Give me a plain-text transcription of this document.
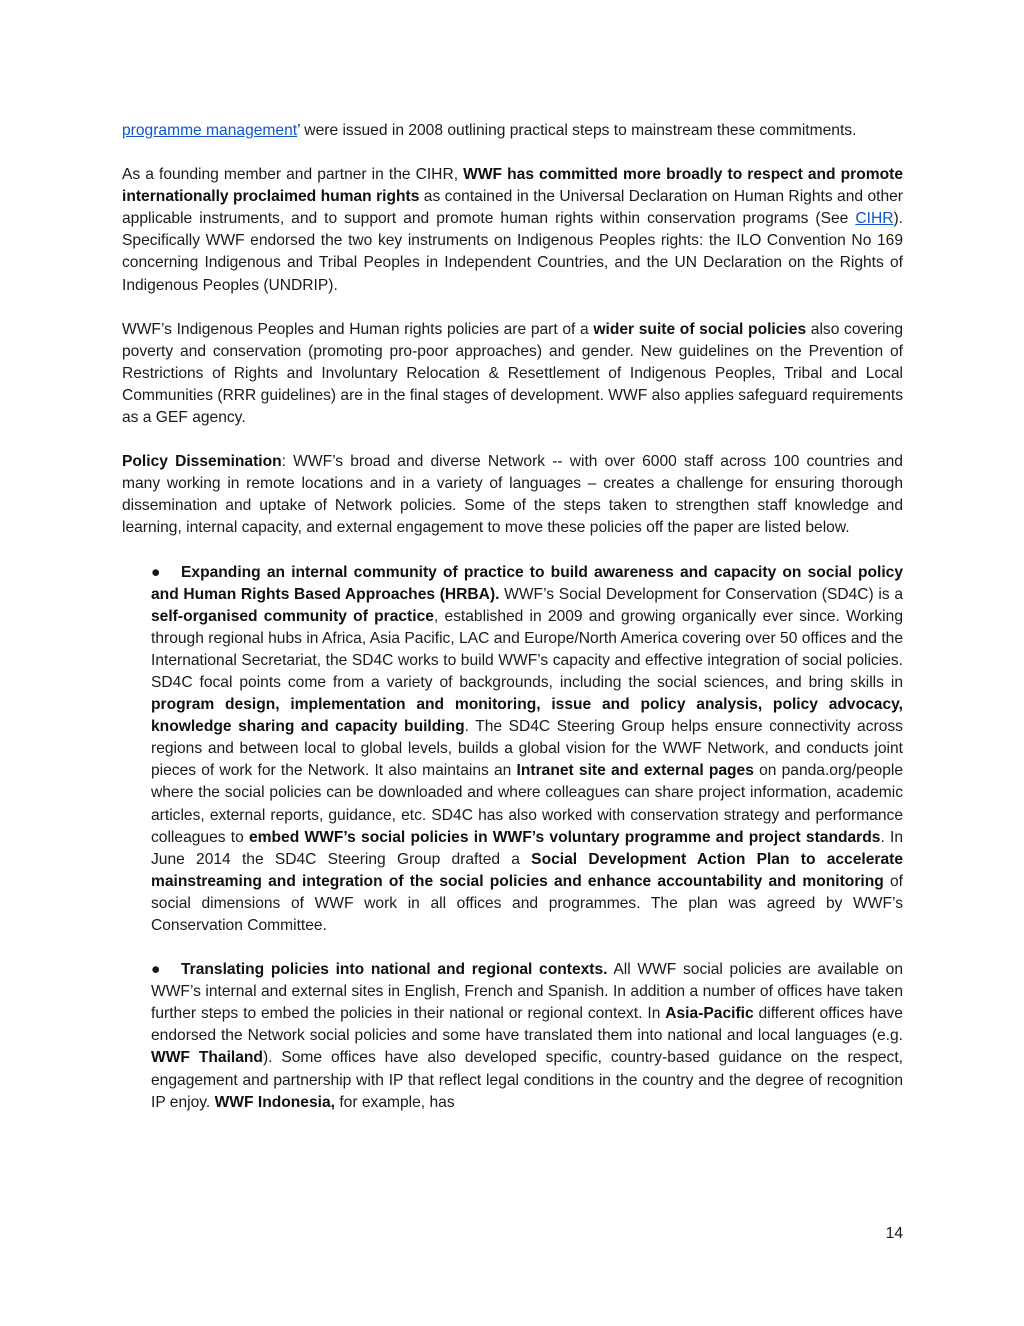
programme management’ were issued in 2008 outlining practical steps to mainstream these commitments.

As a founding member and partner in the CIHR, WWF has committed more broadly to respect and promote internationally proclaimed human rights as contained in the Universal Declaration on Human Rights and other applicable instruments, and to support and promote human rights within conservation programs (See CIHR). Specifically WWF endorsed the two key instruments on Indigenous Peoples rights: the ILO Convention No 169 concerning Indigenous and Tribal Peoples in Independent Countries, and the UN Declaration on the Rights of Indigenous Peoples (UNDRIP).

WWF’s Indigenous Peoples and Human rights policies are part of a wider suite of social policies also covering poverty and conservation (promoting pro-poor approaches) and gender. New guidelines on the Prevention of Restrictions of Rights and Involuntary Relocation & Resettlement of Indigenous Peoples, Tribal and Local Communities (RRR guidelines) are in the final stages of development. WWF also applies safeguard requirements as a GEF agency.

Policy Dissemination: WWF’s broad and diverse Network -- with over 6000 staff across 100 countries and many working in remote locations and in a variety of languages – creates a challenge for ensuring thorough dissemination and uptake of Network policies. Some of the steps taken to strengthen staff knowledge and learning, internal capacity, and external engagement to move these policies off the paper are listed below.

● Expanding an internal community of practice to build awareness and capacity on social policy and Human Rights Based Approaches (HRBA). WWF’s Social Development for Conservation (SD4C) is a self-organised community of practice, established in 2009 and growing organically ever since. Working through regional hubs in Africa, Asia Pacific, LAC and Europe/North America covering over 50 offices and the International Secretariat, the SD4C works to build WWF’s capacity and effective integration of social policies. SD4C focal points come from a variety of backgrounds, including the social sciences, and bring skills in program design, implementation and monitoring, issue and policy analysis, policy advocacy, knowledge sharing and capacity building. The SD4C Steering Group helps ensure connectivity across regions and between local to global levels, builds a global vision for the WWF Network, and conducts joint pieces of work for the Network. It also maintains an Intranet site and external pages on panda.org/people where the social policies can be downloaded and where colleagues can share project information, academic articles, external reports, guidance, etc. SD4C has also worked with conservation strategy and performance colleagues to embed WWF’s social policies in WWF’s voluntary programme and project standards. In June 2014 the SD4C Steering Group drafted a Social Development Action Plan to accelerate mainstreaming and integration of the social policies and enhance accountability and monitoring of social dimensions of WWF work in all offices and programmes. The plan was agreed by WWF’s Conservation Committee.

● Translating policies into national and regional contexts. All WWF social policies are available on WWF’s internal and external sites in English, French and Spanish. In addition a number of offices have taken further steps to embed the policies in their national or regional context. In Asia-Pacific different offices have endorsed the Network social policies and some have translated them into national and local languages (e.g. WWF Thailand). Some offices have also developed specific, country-based guidance on the respect, engagement and partnership with IP that reflect legal conditions in the country and the degree of recognition IP enjoy. WWF Indonesia, for example, has

14
